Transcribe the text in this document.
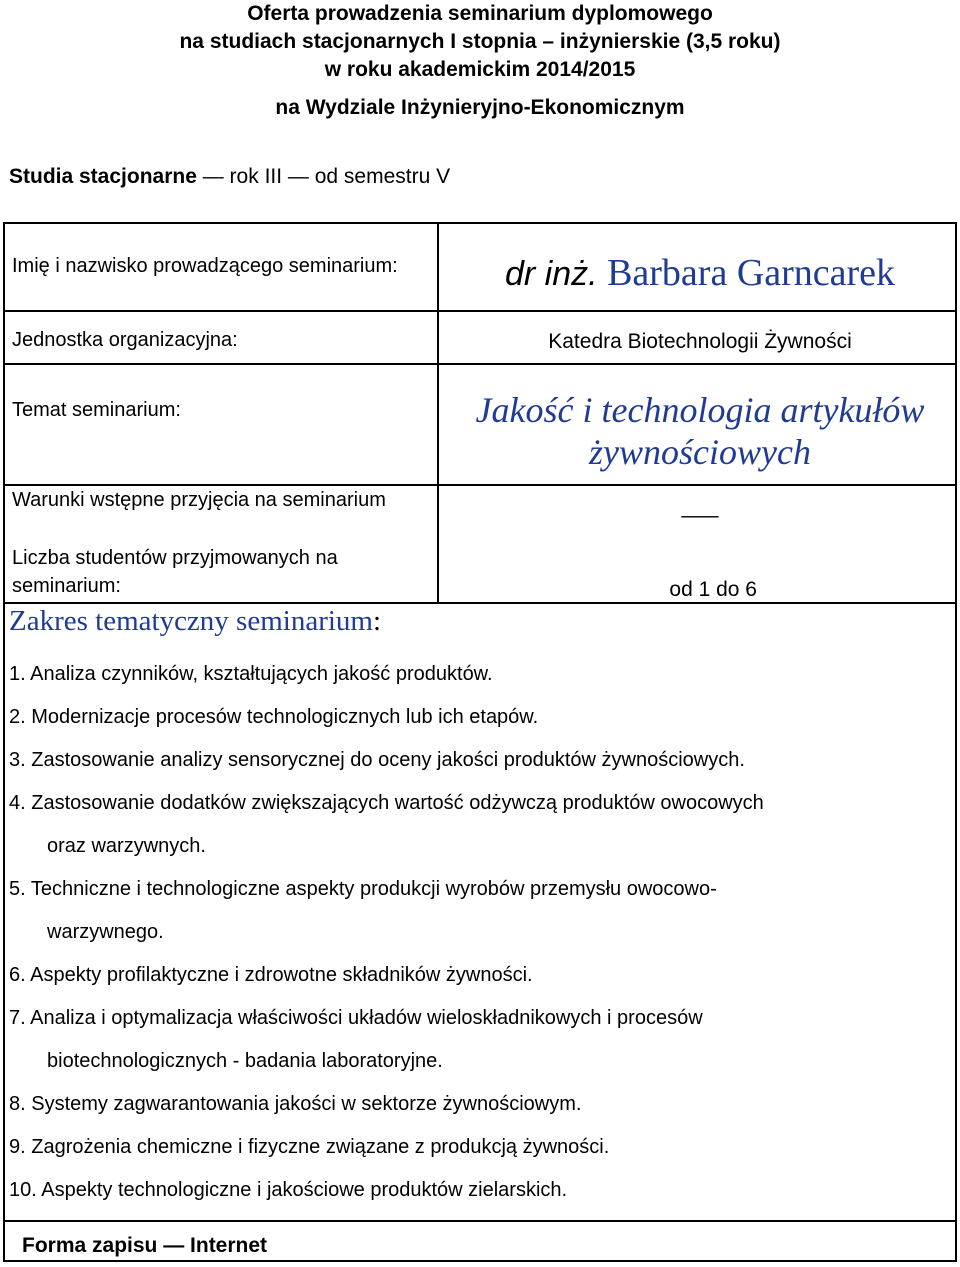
Oferta prowadzenia seminarium dyplomowego
na studiach stacjonarnych I stopnia – inżynierskie (3,5 roku)
w roku akademickim 2014/2015
na Wydziale Inżynieryjno-Ekonomicznym
Studia stacjonarne — rok III — od semestru V
Imię i nazwisko prowadzącego seminarium:	dr inż. Barbara Garncarek
Jednostka organizacyjna:	Katedra Biotechnologii Żywności
Temat seminarium:	Jakość i technologia artykułów żywnościowych
Warunki wstępne przyjęcia na seminarium	___
Liczba studentów przyjmowanych na seminarium:	od 1 do 6
Zakres tematyczny seminarium:
1. Analiza czynników, kształtujących jakość produktów.
2. Modernizacje procesów technologicznych lub ich etapów.
3. Zastosowanie analizy sensorycznej do oceny jakości produktów żywnościowych.
4. Zastosowanie dodatków zwiększających wartość odżywczą produktów owocowych
oraz warzywnych.
5. Techniczne i technologiczne aspekty produkcji wyrobów przemysłu owocowo-
warzywnego.
6. Aspekty profilaktyczne i zdrowotne składników żywności.
7. Analiza i optymalizacja właściwości układów wieloskładnikowych i procesów
biotechnologicznych - badania laboratoryjne.
8. Systemy zagwarantowania jakości w sektorze żywnościowym.
9. Zagrożenia chemiczne i fizyczne związane z produkcją żywności.
10. Aspekty technologiczne i jakościowe produktów zielarskich.
Forma zapisu — Internet
